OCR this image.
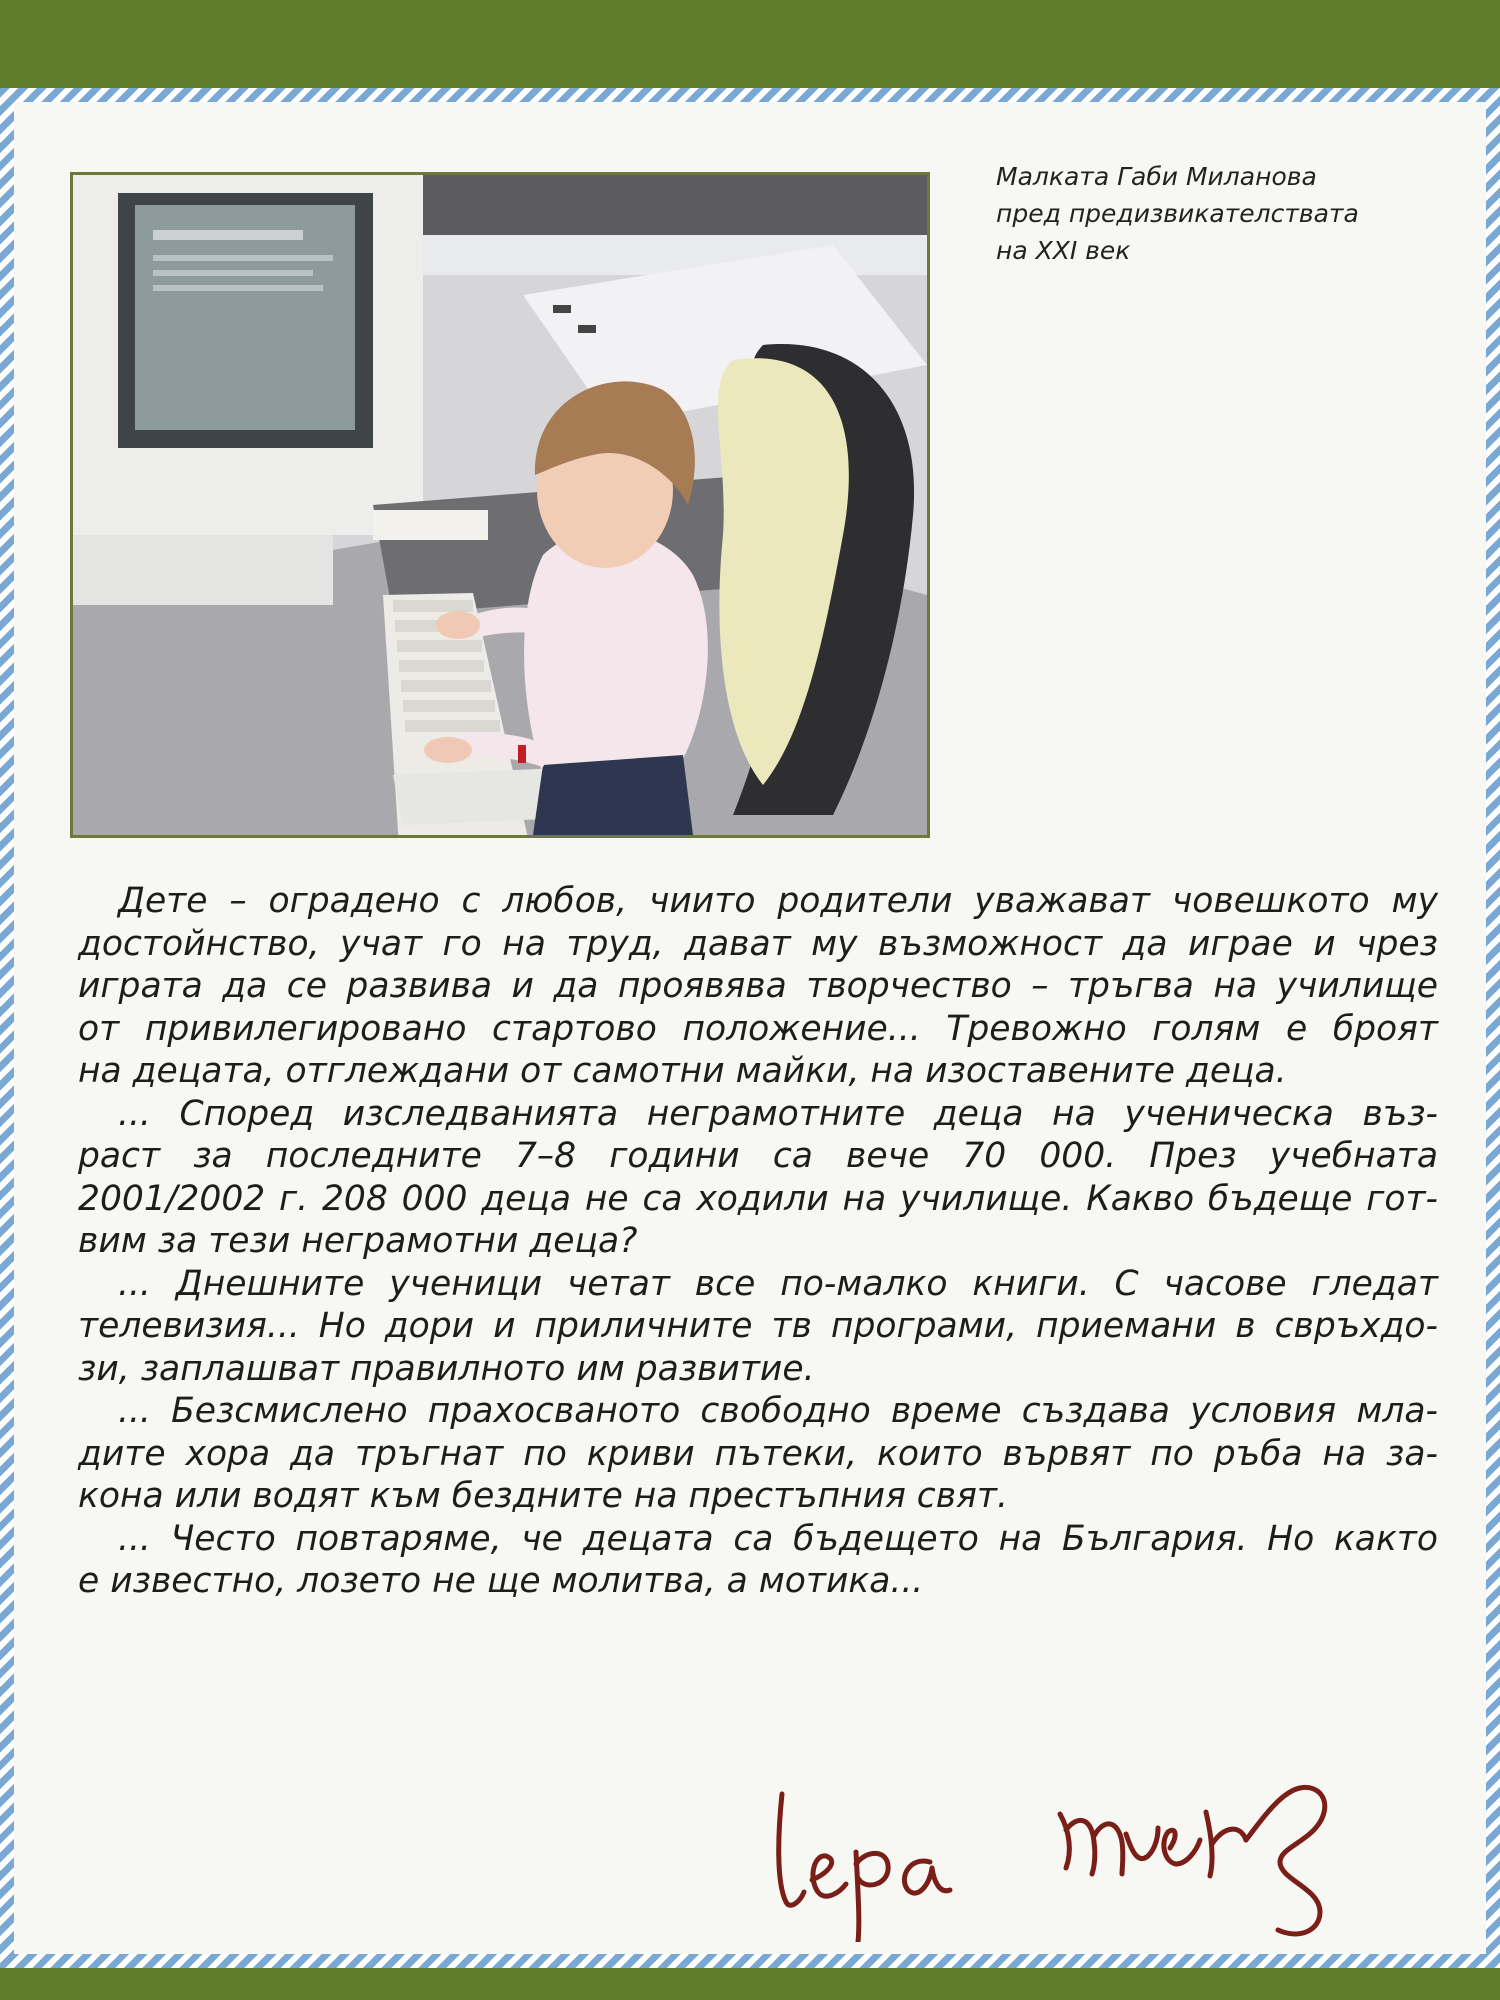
Малката Габи Миланова
пред предизвикателствата
на XXI век

Дете – оградено с любов, чиито родители уважават човешкото му
достойнство, учат го на труд, дават му възможност да играе и чрез
играта да се развива и да проявява творчество – тръгва на училище
от привилегировано стартово положение... Тревожно голям е броят
на децата, отглеждани от самотни майки, на изоставените деца.
... Според изследванията неграмотните деца на ученическа въз-
раст за последните 7–8 години са вече 70 000. През учебната
2001/2002 г. 208 000 деца не са ходили на училище. Какво бъдеще гот-
вим за тези неграмотни деца?
... Днешните ученици четат все по-малко книги. С часове гледат
телевизия... Но дори и приличните тв програми, приемани в свръхдо-
зи, заплашват правилното им развитие.
... Безсмислено прахосваното свободно време създава условия мла-
дите хора да тръгнат по криви пътеки, които вървят по ръба на за-
кона или водят към бездните на престъпния свят.
... Често повтаряме, че децата са бъдещето на България. Но както
е известно, лозето не ще молитва, а мотика...
